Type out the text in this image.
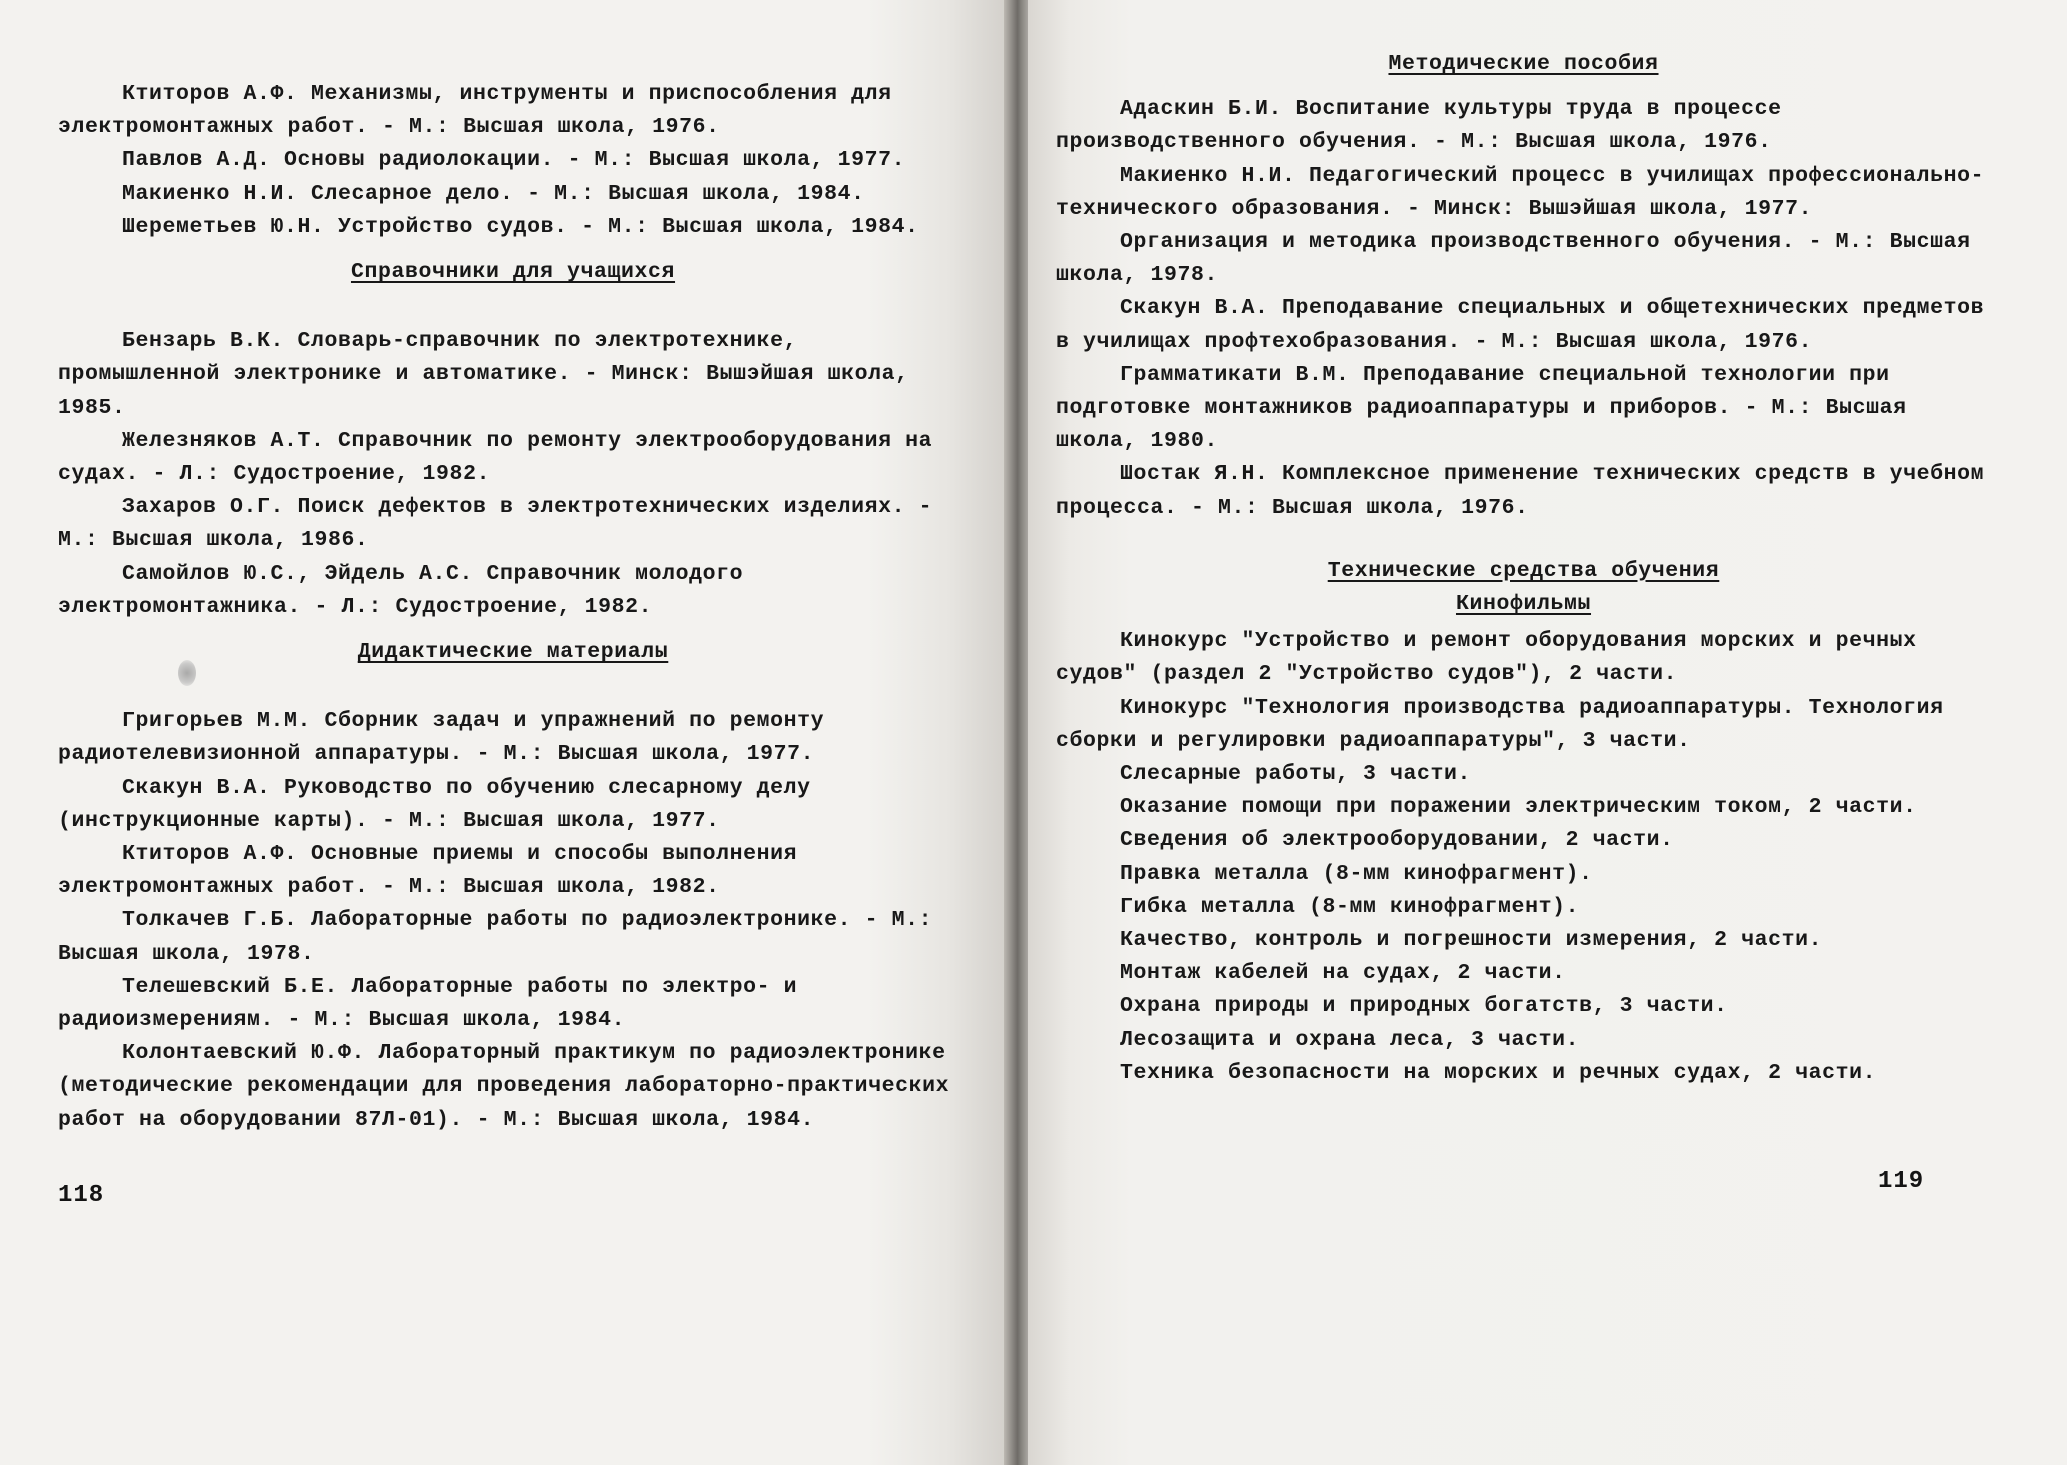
Ктиторов А.Ф. Механизмы, инструменты и приспособления для электромонтажных работ. - М.: Высшая школа, 1976.

Павлов А.Д. Основы радиолокации. - М.: Высшая школа, 1977.

Макиенко Н.И. Слесарное дело. - М.: Высшая школа, 1984.

Шереметьев Ю.Н. Устройство судов. - М.: Высшая школа, 1984.

Справочники для учащихся

Бензарь В.К. Словарь-справочник по электротехнике, промышленной электронике и автоматике. - Минск: Вышэйшая школа, 1985.

Железняков А.Т. Справочник по ремонту электрооборудования на судах. - Л.: Судостроение, 1982.

Захаров О.Г. Поиск дефектов в электротехнических изделиях. - М.: Высшая школа, 1986.

Самойлов Ю.С., Эйдель А.С. Справочник молодого электромонтажника. - Л.: Судостроение, 1982.

Дидактические материалы

Григорьев М.М. Сборник задач и упражнений по ремонту радиотелевизионной аппаратуры. - М.: Высшая школа, 1977.

Скакун В.А. Руководство по обучению слесарному делу (инструкционные карты). - М.: Высшая школа, 1977.

Ктиторов А.Ф. Основные приемы и способы выполнения электромонтажных работ. - М.: Высшая школа, 1982.

Толкачев Г.Б. Лабораторные работы по радиоэлектронике. - М.: Высшая школа, 1978.

Телешевский Б.Е. Лабораторные работы по электро- и радиоизмерениям. - М.: Высшая школа, 1984.

Колонтаевский Ю.Ф. Лабораторный практикум по радиоэлектронике (методические рекомендации для проведения лабораторно-практических работ на оборудовании 87Л-01). - М.: Высшая школа, 1984.

118

Методические пособия

Адаскин Б.И. Воспитание культуры труда в процессе производственного обучения. - М.: Высшая школа, 1976.

Макиенко Н.И. Педагогический процесс в училищах профессионально-технического образования. - Минск: Вышэйшая школа, 1977.

Организация и методика производственного обучения. - М.: Высшая школа, 1978.

Скакун В.А. Преподавание специальных и общетехнических предметов в училищах профтехобразования. - М.: Высшая школа, 1976.

Грамматикати В.М. Преподавание специальной технологии при подготовке монтажников радиоаппаратуры и приборов. - М.: Высшая школа, 1980.

Шостак Я.Н. Комплексное применение технических средств в учебном процесса. - М.: Высшая школа, 1976.

Технические средства обучения
Кинофильмы

Кинокурс "Устройство и ремонт оборудования морских и речных судов" (раздел 2 "Устройство судов"), 2 части.

Кинокурс "Технология производства радиоаппаратуры. Технология сборки и регулировки радиоаппаратуры", 3 части.

Слесарные работы, 3 части.

Оказание помощи при поражении электрическим током, 2 части.

Сведения об электрооборудовании, 2 части.

Правка металла (8-мм кинофрагмент).

Гибка металла (8-мм кинофрагмент).

Качество, контроль и погрешности измерения, 2 части.

Монтаж кабелей на судах, 2 части.

Охрана природы и природных богатств, 3 части.

Лесозащита и охрана леса, 3 части.

Техника безопасности на морских и речных судах, 2 части.

119
